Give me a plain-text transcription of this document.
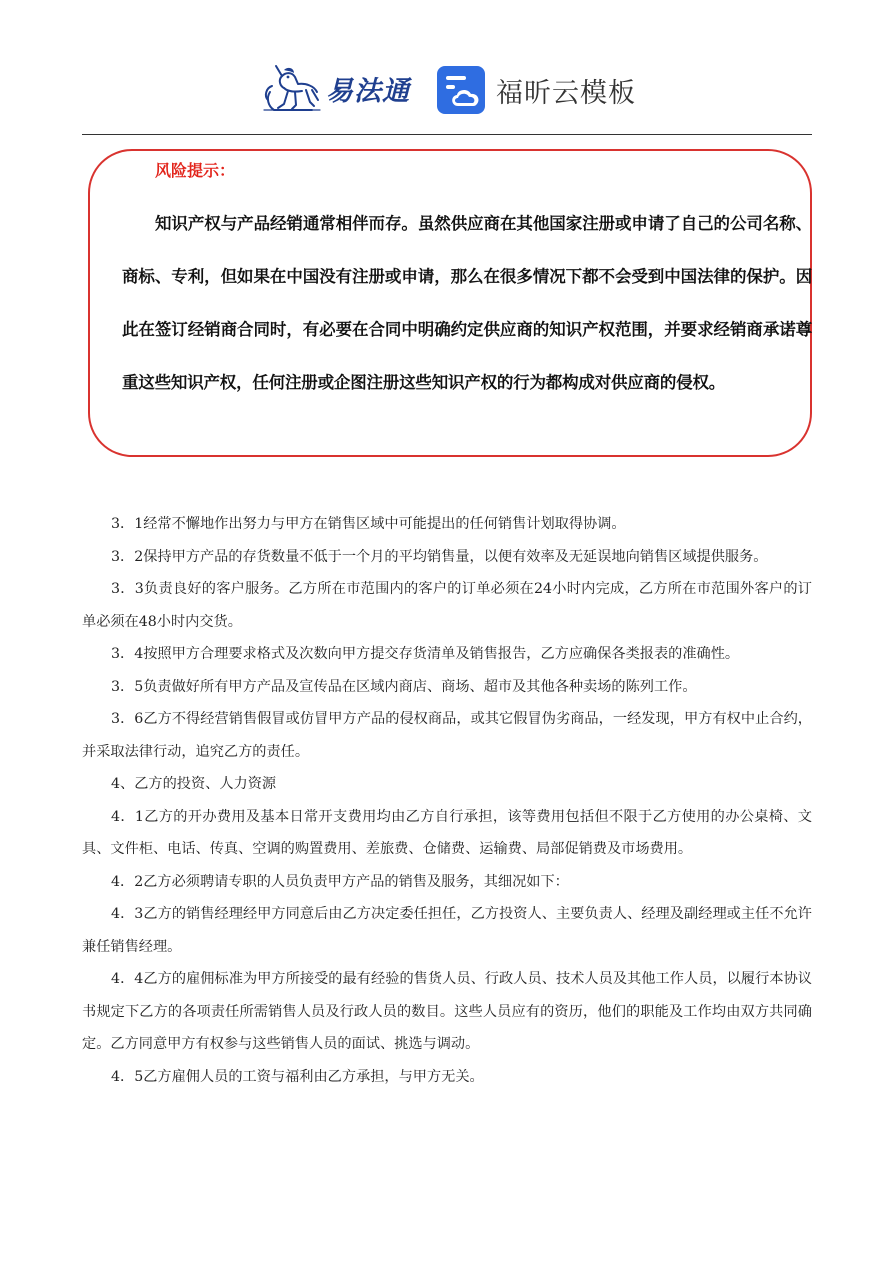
易法通	福昕云模板
风险提示：
知识产权与产品经销通常相伴而存。虽然供应商在其他国家注册或申请了自己的公司名称、商标、专利，但如果在中国没有注册或申请，那么在很多情况下都不会受到中国法律的保护。因此在签订经销商合同时，有必要在合同中明确约定供应商的知识产权范围，并要求经销商承诺尊重这些知识产权，任何注册或企图注册这些知识产权的行为都构成对供应商的侵权。

3．1经常不懈地作出努力与甲方在销售区域中可能提出的任何销售计划取得协调。

3．2保持甲方产品的存货数量不低于一个月的平均销售量，以便有效率及无延误地向销售区域提供服务。

3．3负责良好的客户服务。乙方所在市范围内的客户的订单必须在24小时内完成，乙方所在市范围外客户的订单必须在48小时内交货。

3．4按照甲方合理要求格式及次数向甲方提交存货清单及销售报告，乙方应确保各类报表的准确性。

3．5负责做好所有甲方产品及宣传品在区域内商店、商场、超市及其他各种卖场的陈列工作。

3．6乙方不得经营销售假冒或仿冒甲方产品的侵权商品，或其它假冒伪劣商品，一经发现，甲方有权中止合约，并采取法律行动，追究乙方的责任。

4、乙方的投资、人力资源

4．1乙方的开办费用及基本日常开支费用均由乙方自行承担，该等费用包括但不限于乙方使用的办公桌椅、文具、文件柜、电话、传真、空调的购置费用、差旅费、仓储费、运输费、局部促销费及市场费用。

4．2乙方必须聘请专职的人员负责甲方产品的销售及服务，其细况如下：

4．3乙方的销售经理经甲方同意后由乙方决定委任担任，乙方投资人、主要负责人、经理及副经理或主任不允许兼任销售经理。

4．4乙方的雇佣标准为甲方所接受的最有经验的售货人员、行政人员、技术人员及其他工作人员，以履行本协议书规定下乙方的各项责任所需销售人员及行政人员的数目。这些人员应有的资历，他们的职能及工作均由双方共同确定。乙方同意甲方有权参与这些销售人员的面试、挑选与调动。

4．5乙方雇佣人员的工资与福利由乙方承担，与甲方无关。
